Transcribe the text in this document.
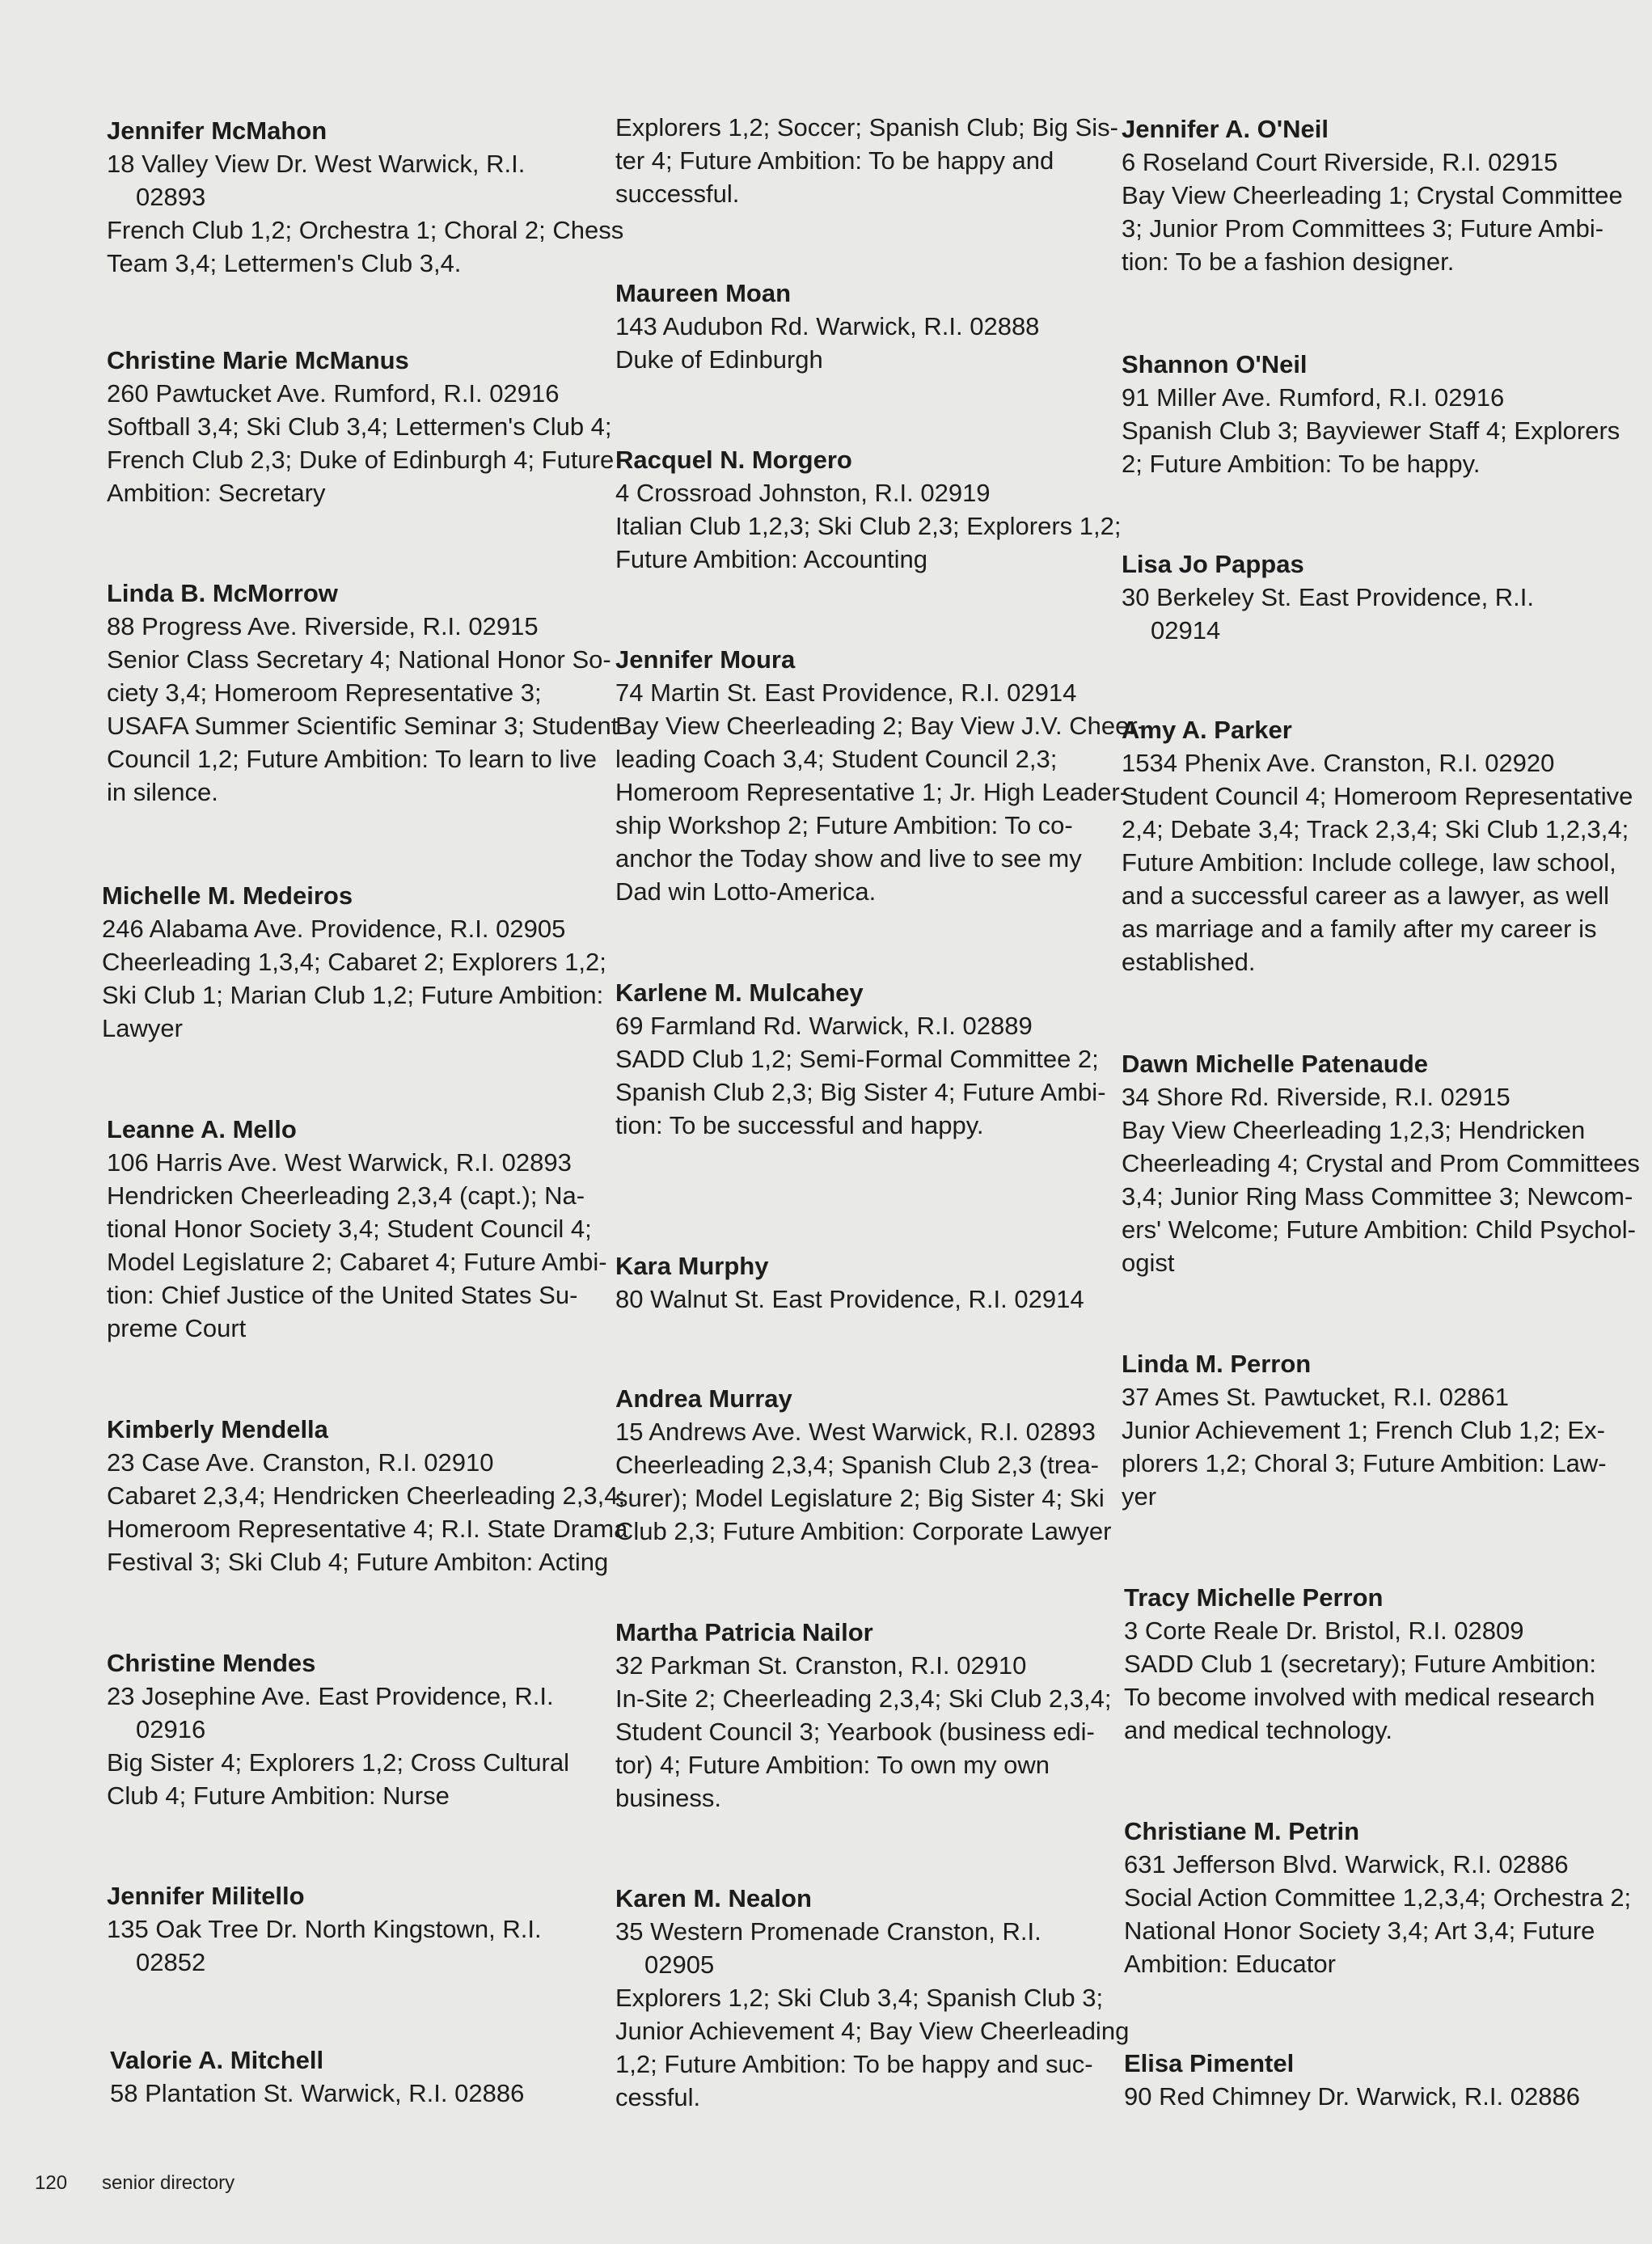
Jennifer McMahon
18 Valley View Dr. West Warwick, R.I.
02893
French Club 1,2; Orchestra 1; Choral 2; Chess
Team 3,4; Lettermen's Club 3,4.
Christine Marie McManus
260 Pawtucket Ave. Rumford, R.I. 02916
Softball 3,4; Ski Club 3,4; Lettermen's Club 4;
French Club 2,3; Duke of Edinburgh 4; Future
Ambition: Secretary
Linda B. McMorrow
88 Progress Ave. Riverside, R.I. 02915
Senior Class Secretary 4; National Honor So-
ciety 3,4; Homeroom Representative 3;
USAFA Summer Scientific Seminar 3; Student
Council 1,2; Future Ambition: To learn to live
in silence.
Michelle M. Medeiros
246 Alabama Ave. Providence, R.I. 02905
Cheerleading 1,3,4; Cabaret 2; Explorers 1,2;
Ski Club 1; Marian Club 1,2; Future Ambition:
Lawyer
Leanne A. Mello
106 Harris Ave. West Warwick, R.I. 02893
Hendricken Cheerleading 2,3,4 (capt.); Na-
tional Honor Society 3,4; Student Council 4;
Model Legislature 2; Cabaret 4; Future Ambi-
tion: Chief Justice of the United States Su-
preme Court
Kimberly Mendella
23 Case Ave. Cranston, R.I. 02910
Cabaret 2,3,4; Hendricken Cheerleading 2,3,4;
Homeroom Representative 4; R.I. State Drama
Festival 3; Ski Club 4; Future Ambiton: Acting
Christine Mendes
23 Josephine Ave. East Providence, R.I.
02916
Big Sister 4; Explorers 1,2; Cross Cultural
Club 4; Future Ambition: Nurse
Jennifer Militello
135 Oak Tree Dr. North Kingstown, R.I.
02852
Valorie A. Mitchell
58 Plantation St. Warwick, R.I. 02886
Explorers 1,2; Soccer; Spanish Club; Big Sis-
ter 4; Future Ambition: To be happy and
successful.
Maureen Moan
143 Audubon Rd. Warwick, R.I. 02888
Duke of Edinburgh
Racquel N. Morgero
4 Crossroad Johnston, R.I. 02919
Italian Club 1,2,3; Ski Club 2,3; Explorers 1,2;
Future Ambition: Accounting
Jennifer Moura
74 Martin St. East Providence, R.I. 02914
Bay View Cheerleading 2; Bay View J.V. Cheer-
leading Coach 3,4; Student Council 2,3;
Homeroom Representative 1; Jr. High Leader-
ship Workshop 2; Future Ambition: To co-
anchor the Today show and live to see my
Dad win Lotto-America.
Karlene M. Mulcahey
69 Farmland Rd. Warwick, R.I. 02889
SADD Club 1,2; Semi-Formal Committee 2;
Spanish Club 2,3; Big Sister 4; Future Ambi-
tion: To be successful and happy.
Kara Murphy
80 Walnut St. East Providence, R.I. 02914
Andrea Murray
15 Andrews Ave. West Warwick, R.I. 02893
Cheerleading 2,3,4; Spanish Club 2,3 (trea-
surer); Model Legislature 2; Big Sister 4; Ski
Club 2,3; Future Ambition: Corporate Lawyer
Martha Patricia Nailor
32 Parkman St. Cranston, R.I. 02910
In-Site 2; Cheerleading 2,3,4; Ski Club 2,3,4;
Student Council 3; Yearbook (business edi-
tor) 4; Future Ambition: To own my own
business.
Karen M. Nealon
35 Western Promenade Cranston, R.I.
02905
Explorers 1,2; Ski Club 3,4; Spanish Club 3;
Junior Achievement 4; Bay View Cheerleading
1,2; Future Ambition: To be happy and suc-
cessful.
Jennifer A. O'Neil
6 Roseland Court Riverside, R.I. 02915
Bay View Cheerleading 1; Crystal Committee
3; Junior Prom Committees 3; Future Ambi-
tion: To be a fashion designer.
Shannon O'Neil
91 Miller Ave. Rumford, R.I. 02916
Spanish Club 3; Bayviewer Staff 4; Explorers
2; Future Ambition: To be happy.
Lisa Jo Pappas
30 Berkeley St. East Providence, R.I.
02914
Amy A. Parker
1534 Phenix Ave. Cranston, R.I. 02920
Student Council 4; Homeroom Representative
2,4; Debate 3,4; Track 2,3,4; Ski Club 1,2,3,4;
Future Ambition: Include college, law school,
and a successful career as a lawyer, as well
as marriage and a family after my career is
established.
Dawn Michelle Patenaude
34 Shore Rd. Riverside, R.I. 02915
Bay View Cheerleading 1,2,3; Hendricken
Cheerleading 4; Crystal and Prom Committees
3,4; Junior Ring Mass Committee 3; Newcom-
ers' Welcome; Future Ambition: Child Psychol-
ogist
Linda M. Perron
37 Ames St. Pawtucket, R.I. 02861
Junior Achievement 1; French Club 1,2; Ex-
plorers 1,2; Choral 3; Future Ambition: Law-
yer
Tracy Michelle Perron
3 Corte Reale Dr. Bristol, R.I. 02809
SADD Club 1 (secretary); Future Ambition:
To become involved with medical research
and medical technology.
Christiane M. Petrin
631 Jefferson Blvd. Warwick, R.I. 02886
Social Action Committee 1,2,3,4; Orchestra 2;
National Honor Society 3,4; Art 3,4; Future
Ambition: Educator
Elisa Pimentel
90 Red Chimney Dr. Warwick, R.I. 02886
120 senior directory
